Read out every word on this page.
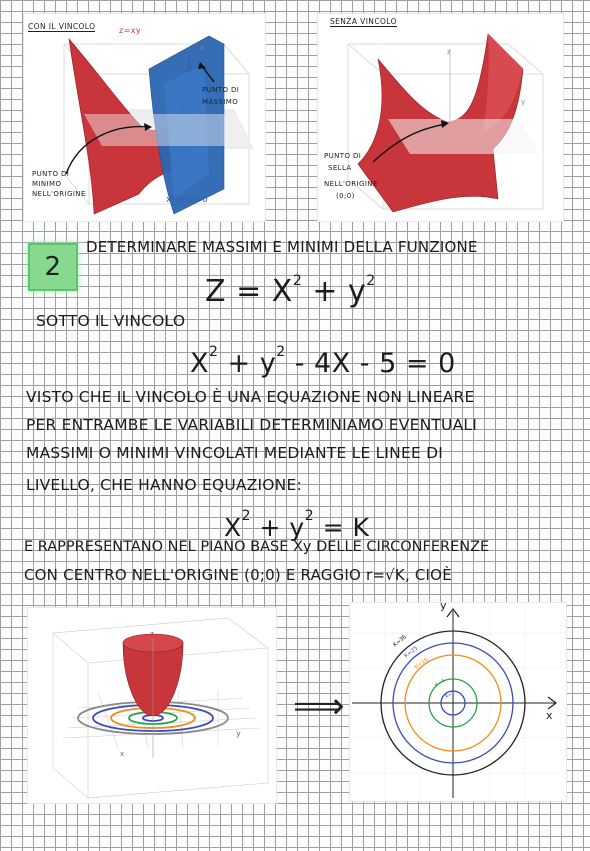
z
CON IL VINCOLO	z=xy
PUNTO DI
MASSIMO
PUNTO DI
MINIMO
NELL'ORIGINE
x²-y-x=0
z
y
SENZA VINCOLO
PUNTO DI
SELLA
NELL'ORIGINE
(0;0)
2
DETERMINARE MASSIMI E MINIMI DELLA FUNZIONE
$Z = X^2 + y^2$
SOTTO IL VINCOLO
$X^2 + y^2 - 4X - 5 = 0$
VISTO CHE IL VINCOLO È UNA EQUAZIONE NON LINEARE
PER ENTRAMBE LE VARIABILI DETERMINIAMO EVENTUALI
MASSIMI O MINIMI VINCOLATI MEDIANTE LE LINEE DI
LIVELLO, CHE HANNO EQUAZIONE:
$X^2 + y^2 = K$
E RAPPRESENTANO NEL PIANO BASE Xy DELLE CIRCONFERENZE
CON CENTRO NELL'ORIGINE (0;0) E RAGGIO r=√K, CIOÈ
z
y
x
⟹
K=36
K=25
K=16
K=4
K=1
y
x
